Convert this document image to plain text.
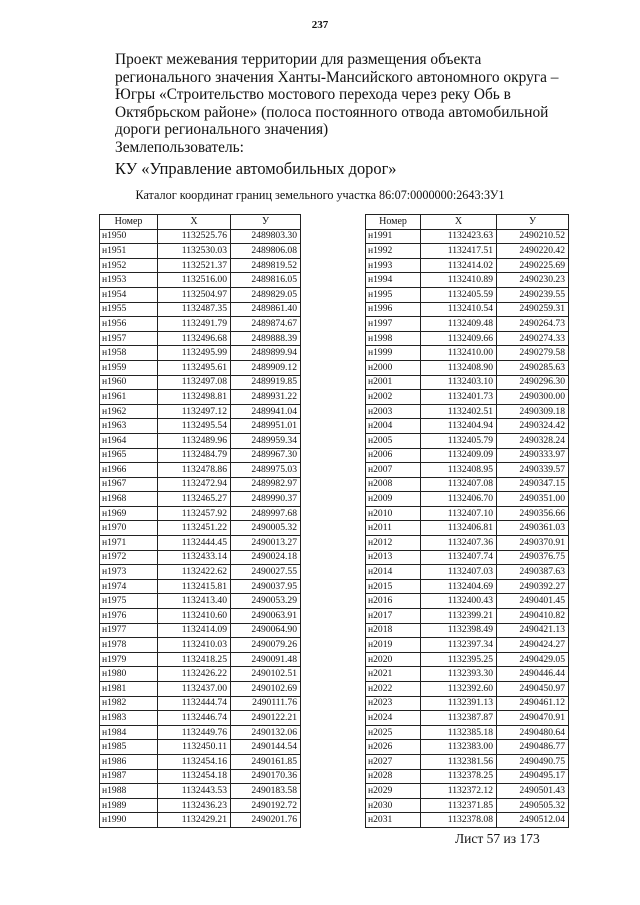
237
Проект межевания территории для размещения объекта
регионального значения Ханты-Мансийского автономного округа –
Югры «Строительство мостового перехода через реку Обь в
Октябрьском районе» (полоса постоянного отвода автомобильной
дороги регионального значения)
Землепользователь:
КУ «Управление автомобильных дорог»
Каталог координат границ земельного участка 86:07:0000000:2643:ЗУ1
Номер	X	У
н1950	1132525.76	2489803.30
н1951	1132530.03	2489806.08
н1952	1132521.37	2489819.52
н1953	1132516.00	2489816.05
н1954	1132504.97	2489829.05
н1955	1132487.35	2489861.40
н1956	1132491.79	2489874.67
н1957	1132496.68	2489888.39
н1958	1132495.99	2489899.94
н1959	1132495.61	2489909.12
н1960	1132497.08	2489919.85
н1961	1132498.81	2489931.22
н1962	1132497.12	2489941.04
н1963	1132495.54	2489951.01
н1964	1132489.96	2489959.34
н1965	1132484.79	2489967.30
н1966	1132478.86	2489975.03
н1967	1132472.94	2489982.97
н1968	1132465.27	2489990.37
н1969	1132457.92	2489997.68
н1970	1132451.22	2490005.32
н1971	1132444.45	2490013.27
н1972	1132433.14	2490024.18
н1973	1132422.62	2490027.55
н1974	1132415.81	2490037.95
н1975	1132413.40	2490053.29
н1976	1132410.60	2490063.91
н1977	1132414.09	2490064.90
н1978	1132410.03	2490079.26
н1979	1132418.25	2490091.48
н1980	1132426.22	2490102.51
н1981	1132437.00	2490102.69
н1982	1132444.74	2490111.76
н1983	1132446.74	2490122.21
н1984	1132449.76	2490132.06
н1985	1132450.11	2490144.54
н1986	1132454.16	2490161.85
н1987	1132454.18	2490170.36
н1988	1132443.53	2490183.58
н1989	1132436.23	2490192.72
н1990	1132429.21	2490201.76
Номер	X	У
н1991	1132423.63	2490210.52
н1992	1132417.51	2490220.42
н1993	1132414.02	2490225.69
н1994	1132410.89	2490230.23
н1995	1132405.59	2490239.55
н1996	1132410.54	2490259.31
н1997	1132409.48	2490264.73
н1998	1132409.66	2490274.33
н1999	1132410.00	2490279.58
н2000	1132408.90	2490285.63
н2001	1132403.10	2490296.30
н2002	1132401.73	2490300.00
н2003	1132402.51	2490309.18
н2004	1132404.94	2490324.42
н2005	1132405.79	2490328.24
н2006	1132409.09	2490333.97
н2007	1132408.95	2490339.57
н2008	1132407.08	2490347.15
н2009	1132406.70	2490351.00
н2010	1132407.10	2490356.66
н2011	1132406.81	2490361.03
н2012	1132407.36	2490370.91
н2013	1132407.74	2490376.75
н2014	1132407.03	2490387.63
н2015	1132404.69	2490392.27
н2016	1132400.43	2490401.45
н2017	1132399.21	2490410.82
н2018	1132398.49	2490421.13
н2019	1132397.34	2490424.27
н2020	1132395.25	2490429.05
н2021	1132393.30	2490446.44
н2022	1132392.60	2490450.97
н2023	1132391.13	2490461.12
н2024	1132387.87	2490470.91
н2025	1132385.18	2490480.64
н2026	1132383.00	2490486.77
н2027	1132381.56	2490490.75
н2028	1132378.25	2490495.17
н2029	1132372.12	2490501.43
н2030	1132371.85	2490505.32
н2031	1132378.08	2490512.04
Лист 57 из 173
